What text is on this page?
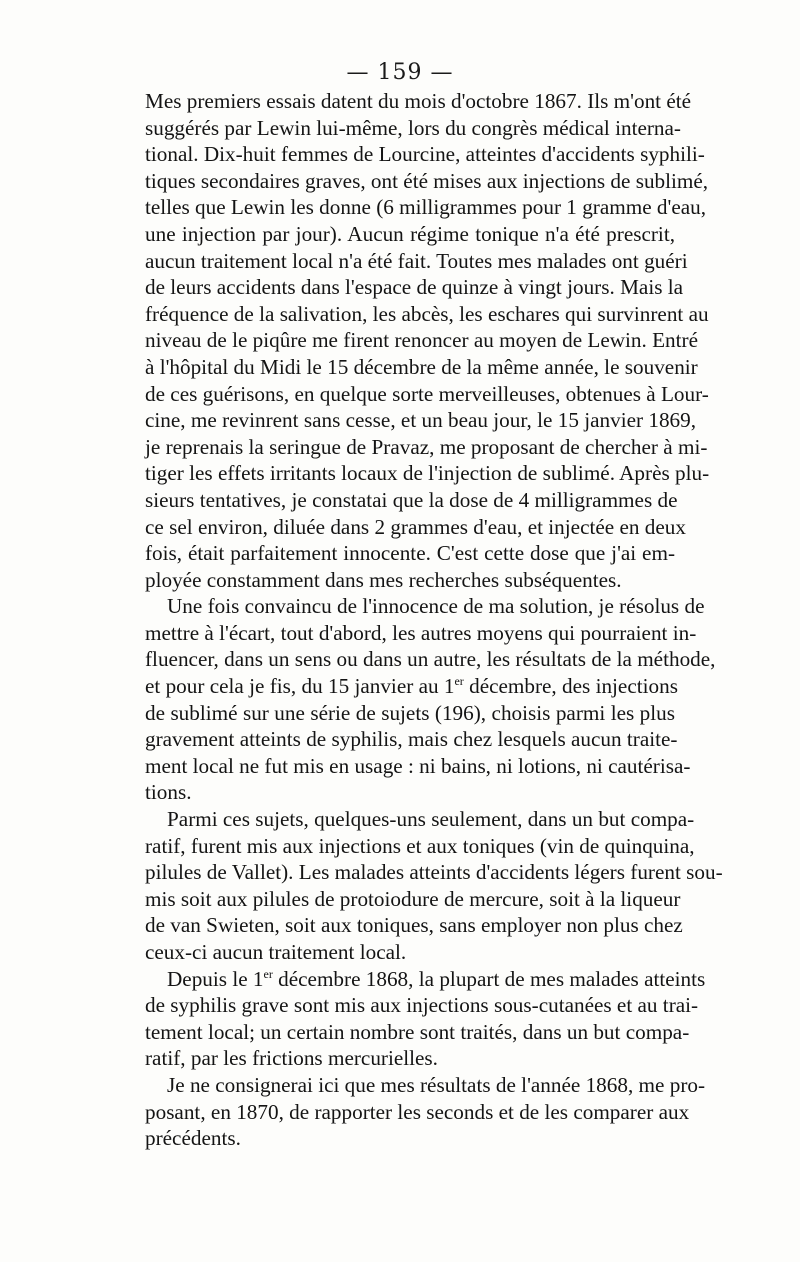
— 159 —
Mes premiers essais datent du mois d'octobre 1867. Ils m'ont été
suggérés par Lewin lui-même, lors du congrès médical interna-
tional. Dix-huit femmes de Lourcine, atteintes d'accidents syphili-
tiques secondaires graves, ont été mises aux injections de sublimé,
telles que Lewin les donne (6 milligrammes pour 1 gramme d'eau,
une injection par jour). Aucun régime tonique n'a été prescrit,
aucun traitement local n'a été fait. Toutes mes malades ont guéri
de leurs accidents dans l'espace de quinze à vingt jours. Mais la
fréquence de la salivation, les abcès, les eschares qui survinrent au
niveau de le piqûre me firent renoncer au moyen de Lewin. Entré
à l'hôpital du Midi le 15 décembre de la même année, le souvenir
de ces guérisons, en quelque sorte merveilleuses, obtenues à Lour-
cine, me revinrent sans cesse, et un beau jour, le 15 janvier 1869,
je reprenais la seringue de Pravaz, me proposant de chercher à mi-
tiger les effets irritants locaux de l'injection de sublimé. Après plu-
sieurs tentatives, je constatai que la dose de 4 milligrammes de
ce sel environ, diluée dans 2 grammes d'eau, et injectée en deux
fois, était parfaitement innocente. C'est cette dose que j'ai em-
ployée constamment dans mes recherches subséquentes.
Une fois convaincu de l'innocence de ma solution, je résolus de
mettre à l'écart, tout d'abord, les autres moyens qui pourraient in-
fluencer, dans un sens ou dans un autre, les résultats de la méthode,
et pour cela je fis, du 15 janvier au 1er décembre, des injections
de sublimé sur une série de sujets (196), choisis parmi les plus
gravement atteints de syphilis, mais chez lesquels aucun traite-
ment local ne fut mis en usage : ni bains, ni lotions, ni cautérisa-
tions.
Parmi ces sujets, quelques-uns seulement, dans un but compa-
ratif, furent mis aux injections et aux toniques (vin de quinquina,
pilules de Vallet). Les malades atteints d'accidents légers furent sou-
mis soit aux pilules de protoiodure de mercure, soit à la liqueur
de van Swieten, soit aux toniques, sans employer non plus chez
ceux-ci aucun traitement local.
Depuis le 1er décembre 1868, la plupart de mes malades atteints
de syphilis grave sont mis aux injections sous-cutanées et au trai-
tement local; un certain nombre sont traités, dans un but compa-
ratif, par les frictions mercurielles.
Je ne consignerai ici que mes résultats de l'année 1868, me pro-
posant, en 1870, de rapporter les seconds et de les comparer aux
précédents.
